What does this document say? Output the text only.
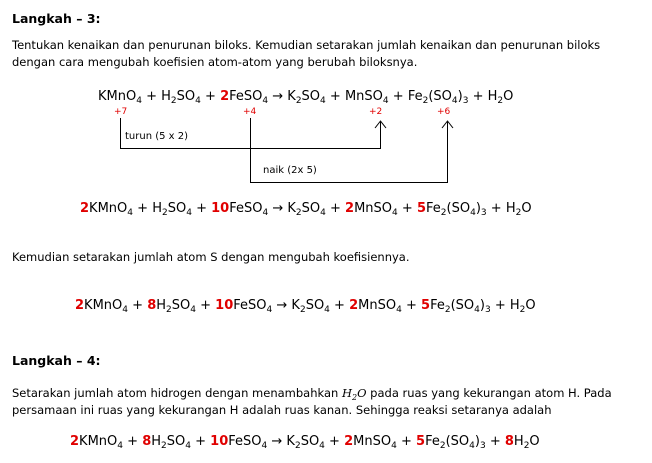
Langkah – 3:
Tentukan kenaikan dan penurunan biloks. Kemudian setarakan jumlah kenaikan dan penurunan biloks
dengan cara mengubah koefisien atom-atom yang berubah biloksnya.
KMnO$_4$ + $H_2SO_4$ + 2FeSO$_4$ → $K_2SO_4$ + MnSO$_4$ + $Fe_2(SO_4)_3 + H_2O$
+7	+4	+2	+6
turun (5 x 2)
naik (2x 5)
2KMnO$_4$ + $H_2SO_4$ + 10FeSO$_4$ → $K_2SO_4$ + 2MnSO$_4$ + $5Fe_2(SO_4)_3 + H_2O$
Kemudian setarakan jumlah atom S dengan mengubah koefisiennya.
2KMnO$_4$ + $8H_2SO_4$ + 10FeSO$_4$ → $K_2SO_4$ + 2MnSO$_4$ + $5Fe_2(SO_4)_3 + H_2O$
Langkah – 4:
Setarakan jumlah atom hidrogen dengan menambahkan $H_2O$ pada ruas yang kekurangan atom H. Pada
persamaan ini ruas yang kekurangan H adalah ruas kanan. Sehingga reaksi setaranya adalah
2KMnO$_4$ + $8H_2SO_4$ + 10FeSO$_4$ → $K_2SO_4$ + 2MnSO$_4$ + $5Fe_2(SO_4)_3 + 8H_2O$
